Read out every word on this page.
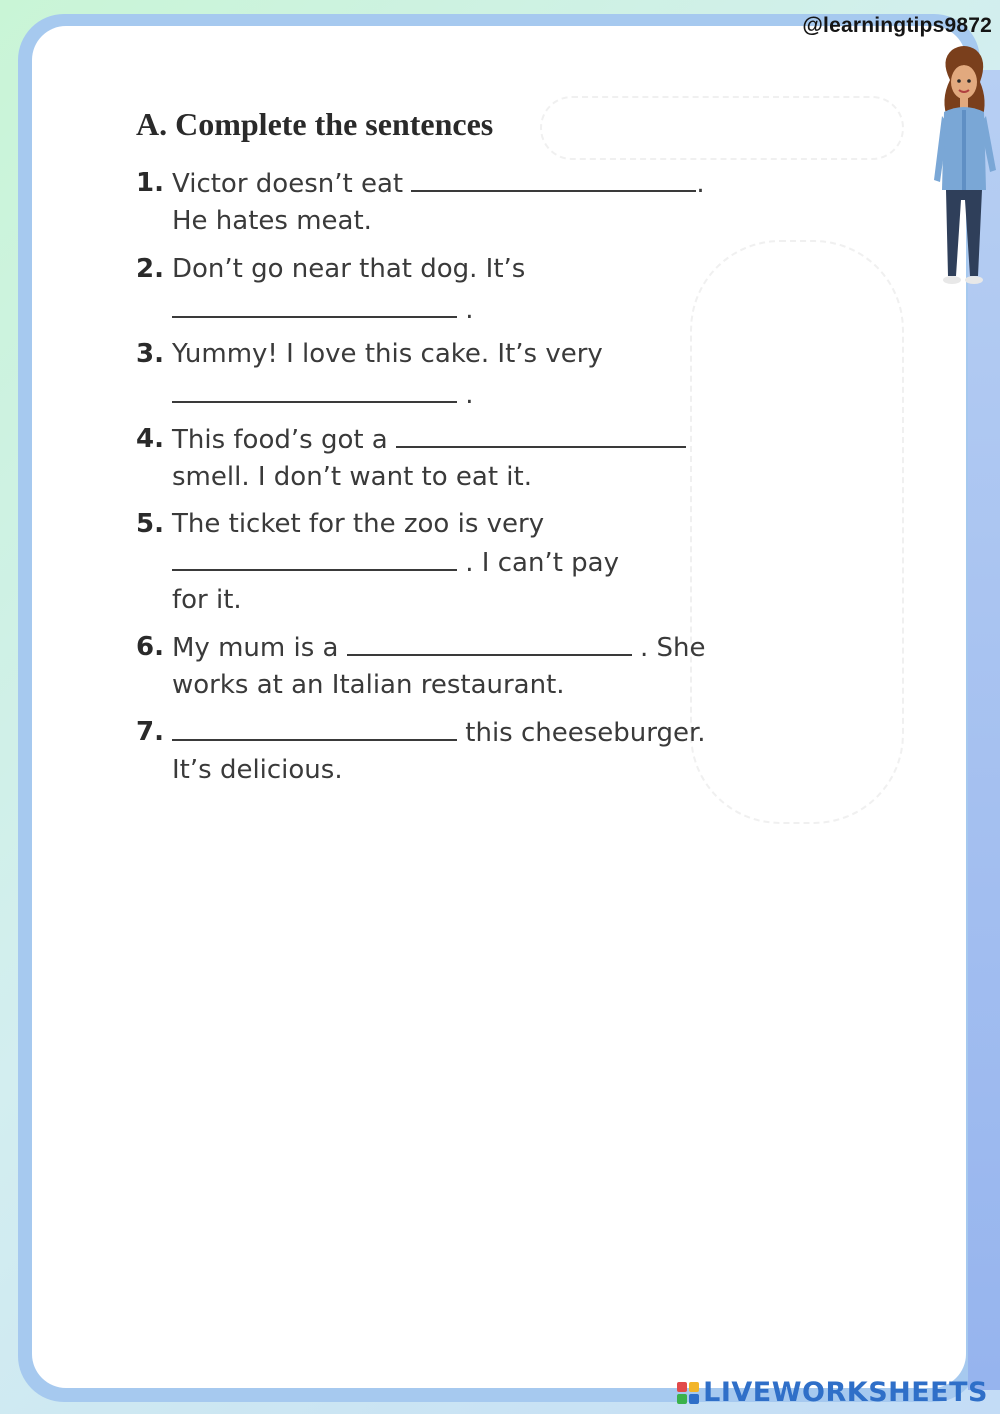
@learningtips9872
A. Complete the sentences
1. Victor doesn’t eat	.
He hates meat.
2. Don’t go near that dog. It’s
.
3. Yummy! I love this cake. It’s very
.
4. This food’s got a
smell. I don’t want to eat it.
5. The ticket for the zoo is very
. I can’t pay
for it.
6. My mum is a	. She
works at an Italian restaurant.
7.	this cheeseburger.
It’s delicious.
LIVEWORKSHEETS
